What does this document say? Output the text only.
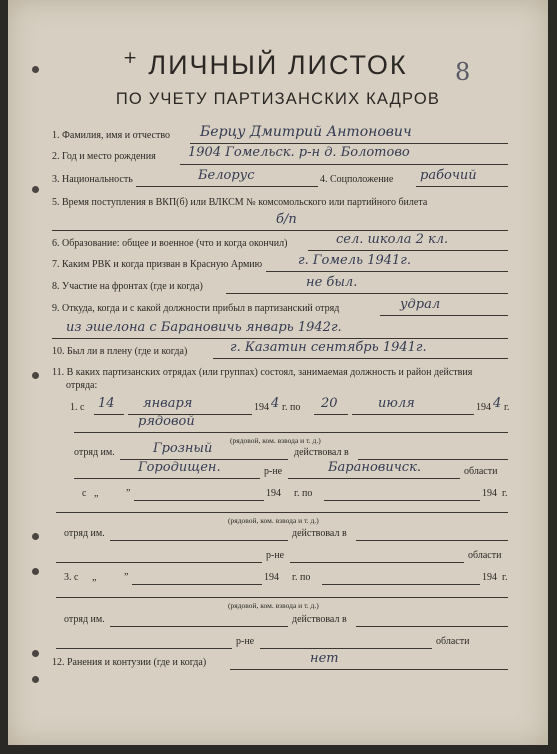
+ ЛИЧНЫЙ ЛИСТОК	8
ПО УЧЕТУ ПАРТИЗАНСКИХ КАДРОВ
1. Фамилия, имя и отчество Берцу Дмитрий Антонович
2. Год и место рождения 1904 Гомельск. р-н д. Болотово
3. Национальность	Белорус	4. Соцположение рабочий
5. Время поступления в ВКП(б) или ВЛКСМ № комсомольского или партийного билета
б/п
6. Образование: общее и военное (что и когда окончил)	сел. школа 2 кл.
7. Каким РВК и когда призван в Красную Армию	г. Гомель 1941г.
8. Участие на фронтах (где и когда)	не был.
9. Откуда, когда и с какой должности прибыл в партизанский отряд	удрал
из эшелона с Барановичь январь 1942г.
10. Был ли в плену (где и когда)	г. Казатин сентябрь 1941г.
11. В каких партизанских отрядах (или группах) состоял, занимаемая должность и район действия
отряда:
1. с 14 января	194 4 г. по 20	июля	194 4 г.
рядовой
(рядовой, ком. взвода и т. д.)
отряд им.	Грозный	действовал в
Городищен.	р-не	Барановичск.	области
с „	”	194 г. по	194 г.
(рядовой, ком. взвода и т. д.)
отряд им.	действовал в
р-не	области
3. с „	”	194 г. по	194 г.
(рядовой, ком. взвода и т. д.)
отряд им.	действовал в
р-не	области
12. Ранения и контузии (где и когда)	нет
